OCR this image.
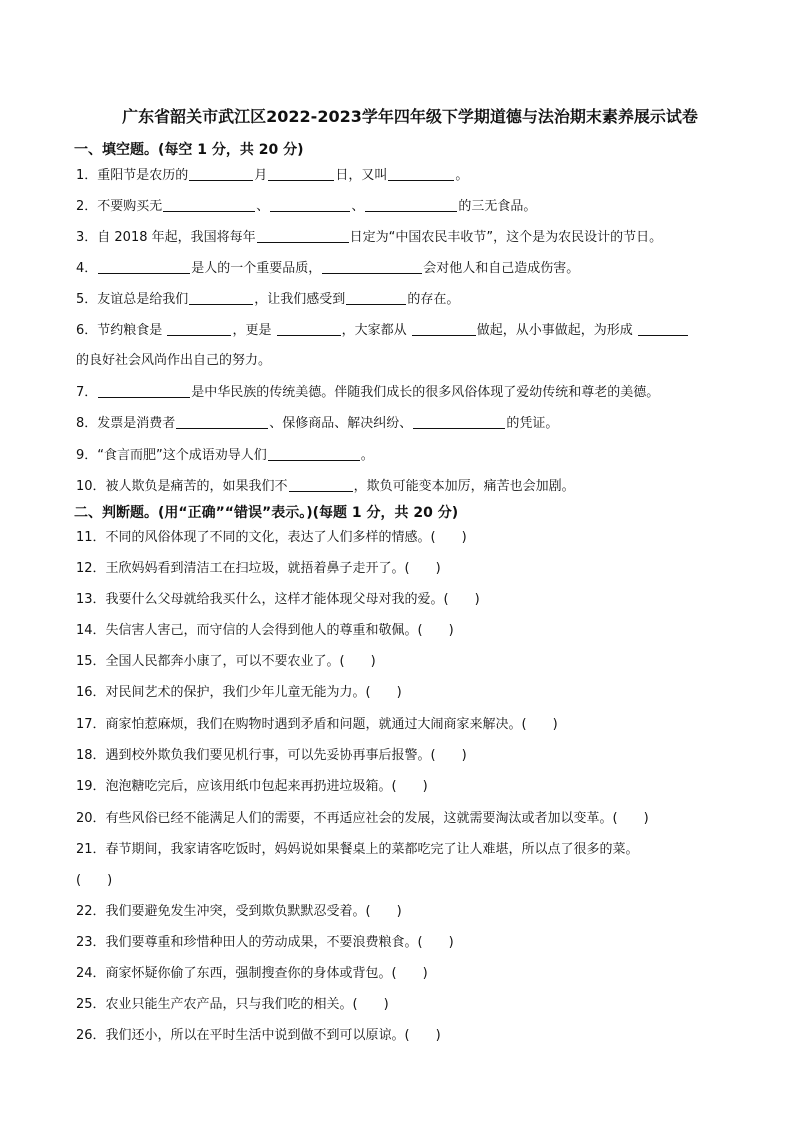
广东省韶关市武江区2022-2023学年四年级下学期道德与法治期末素养展示试卷
一、填空题。(每空 1 分，共 20 分)
1．重阳节是农历的	月	日，又叫	。
2．不要购买无	、	、	的三无食品。
3．自 2018 年起，我国将每年	日定为“中国农民丰收节”，这个是为农民设计的节日。
4．	是人的一个重要品质，	会对他人和自己造成伤害。
5．友谊总是给我们	，让我们感受到	的存在。
6．节约粮食是	，更是	，大家都从	做起，从小事做起，为形成
的良好社会风尚作出自己的努力。
7．	是中华民族的传统美德。伴随我们成长的很多风俗体现了爱幼传统和尊老的美德。
8．发票是消费者	、保修商品、解决纠纷、	的凭证。
9．“食言而肥”这个成语劝导人们	。
10．被人欺负是痛苦的，如果我们不	，欺负可能变本加厉，痛苦也会加剧。
二、判断题。(用“正确”“错误”表示。)(每题 1 分，共 20 分)
11．不同的风俗体现了不同的文化，表达了人们多样的情感。(　　)
12．王欣妈妈看到清洁工在扫垃圾，就捂着鼻子走开了。(　　)
13．我要什么父母就给我买什么，这样才能体现父母对我的爱。(　　)
14．失信害人害己，而守信的人会得到他人的尊重和敬佩。(　　)
15．全国人民都奔小康了，可以不要农业了。(　　)
16．对民间艺术的保护，我们少年儿童无能为力。(　　)
17．商家怕惹麻烦，我们在购物时遇到矛盾和问题，就通过大闹商家来解决。(　　)
18．遇到校外欺负我们要见机行事，可以先妥协再事后报警。(　　)
19．泡泡糖吃完后，应该用纸巾包起来再扔进垃圾箱。(　　)
20．有些风俗已经不能满足人们的需要，不再适应社会的发展，这就需要淘汰或者加以变革。(　　)
21．春节期间，我家请客吃饭时，妈妈说如果餐桌上的菜都吃完了让人难堪，所以点了很多的菜。
(　　)
22．我们要避免发生冲突，受到欺负默默忍受着。(　　)
23．我们要尊重和珍惜种田人的劳动成果，不要浪费粮食。(　　)
24．商家怀疑你偷了东西，强制搜查你的身体或背包。(　　)
25．农业只能生产农产品，只与我们吃的相关。(　　)
26．我们还小，所以在平时生活中说到做不到可以原谅。(　　)
